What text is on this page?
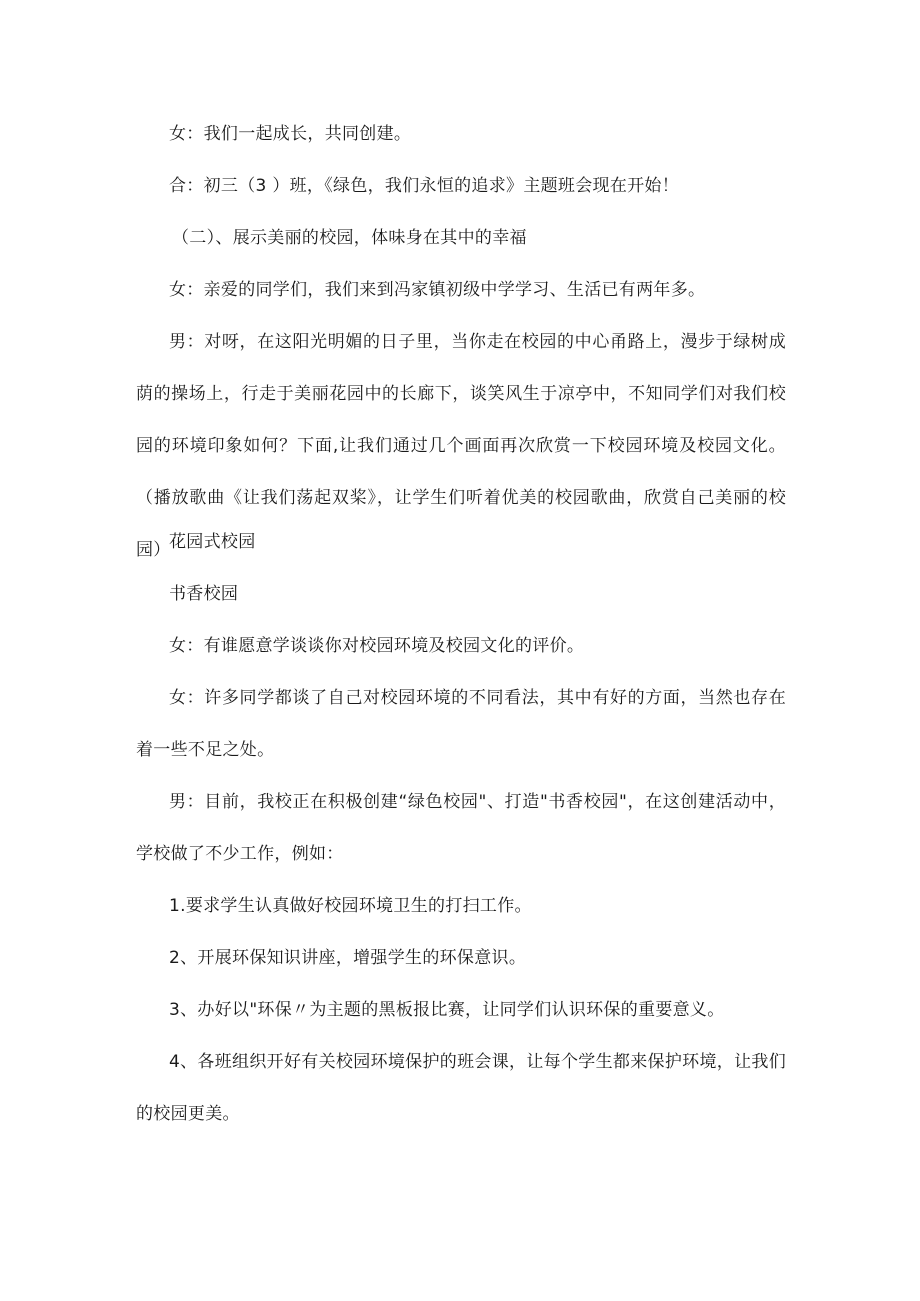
女：我们一起成长，共同创建。

合：初三（3 ）班，《绿色，我们永恒的追求》主题班会现在开始！

（二）、展示美丽的校园，体味身在其中的幸福

女：亲爱的同学们，我们来到冯家镇初级中学学习、生活已有两年多。

男：对呀，在这阳光明媚的日子里，当你走在校园的中心甬路上，漫步于绿树成荫的操场上，行走于美丽花园中的长廊下，谈笑风生于凉亭中，不知同学们对我们校园的环境印象如何？下面,让我们通过几个画面再次欣赏一下校园环境及校园文化。（播放歌曲《让我们荡起双桨》，让学生们听着优美的校园歌曲，欣赏自己美丽的校园）

花园式校园

书香校园

女：有谁愿意学谈谈你对校园环境及校园文化的评价。

女：许多同学都谈了自己对校园环境的不同看法，其中有好的方面，当然也存在着一些不足之处。

男：目前，我校正在积极创建“绿色校园"、打造"书香校园"，在这创建活动中，学校做了不少工作，例如：

1.要求学生认真做好校园环境卫生的打扫工作。

2、开展环保知识讲座，增强学生的环保意识。

3、办好以"环保〃为主题的黑板报比赛，让同学们认识环保的重要意义。

4、各班组织开好有关校园环境保护的班会课，让每个学生都来保护环境，让我们的校园更美。
